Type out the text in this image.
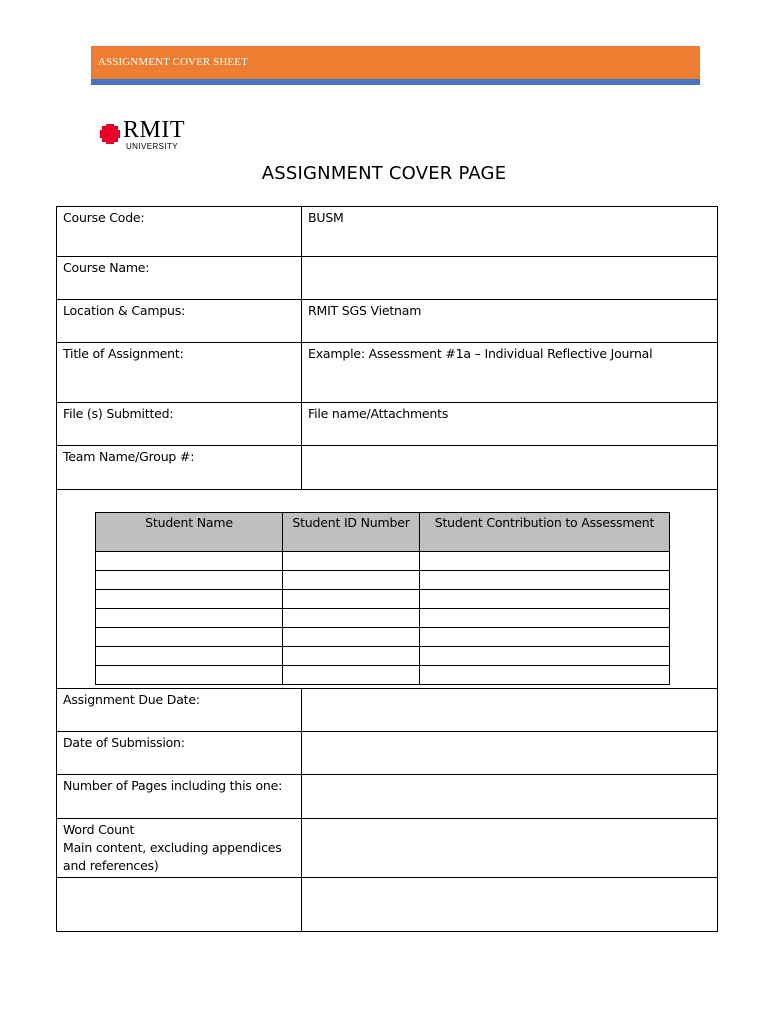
ASSIGNMENT COVER SHEET
RMIT
UNIVERSITY
ASSIGNMENT COVER PAGE
Course Code:	BUSM
Course Name:	
Location & Campus:	RMIT SGS Vietnam
Title of Assignment:	Example: Assessment #1a – Individual Reflective Journal
File (s) Submitted:	File name/Attachments
Team Name/Group #:	

Student Name	Student ID Number	Student Contribution to Assessment

Assignment Due Date:	
Date of Submission:	
Number of Pages including this one:	
Word Count
Main content, excluding appendices and references)	
